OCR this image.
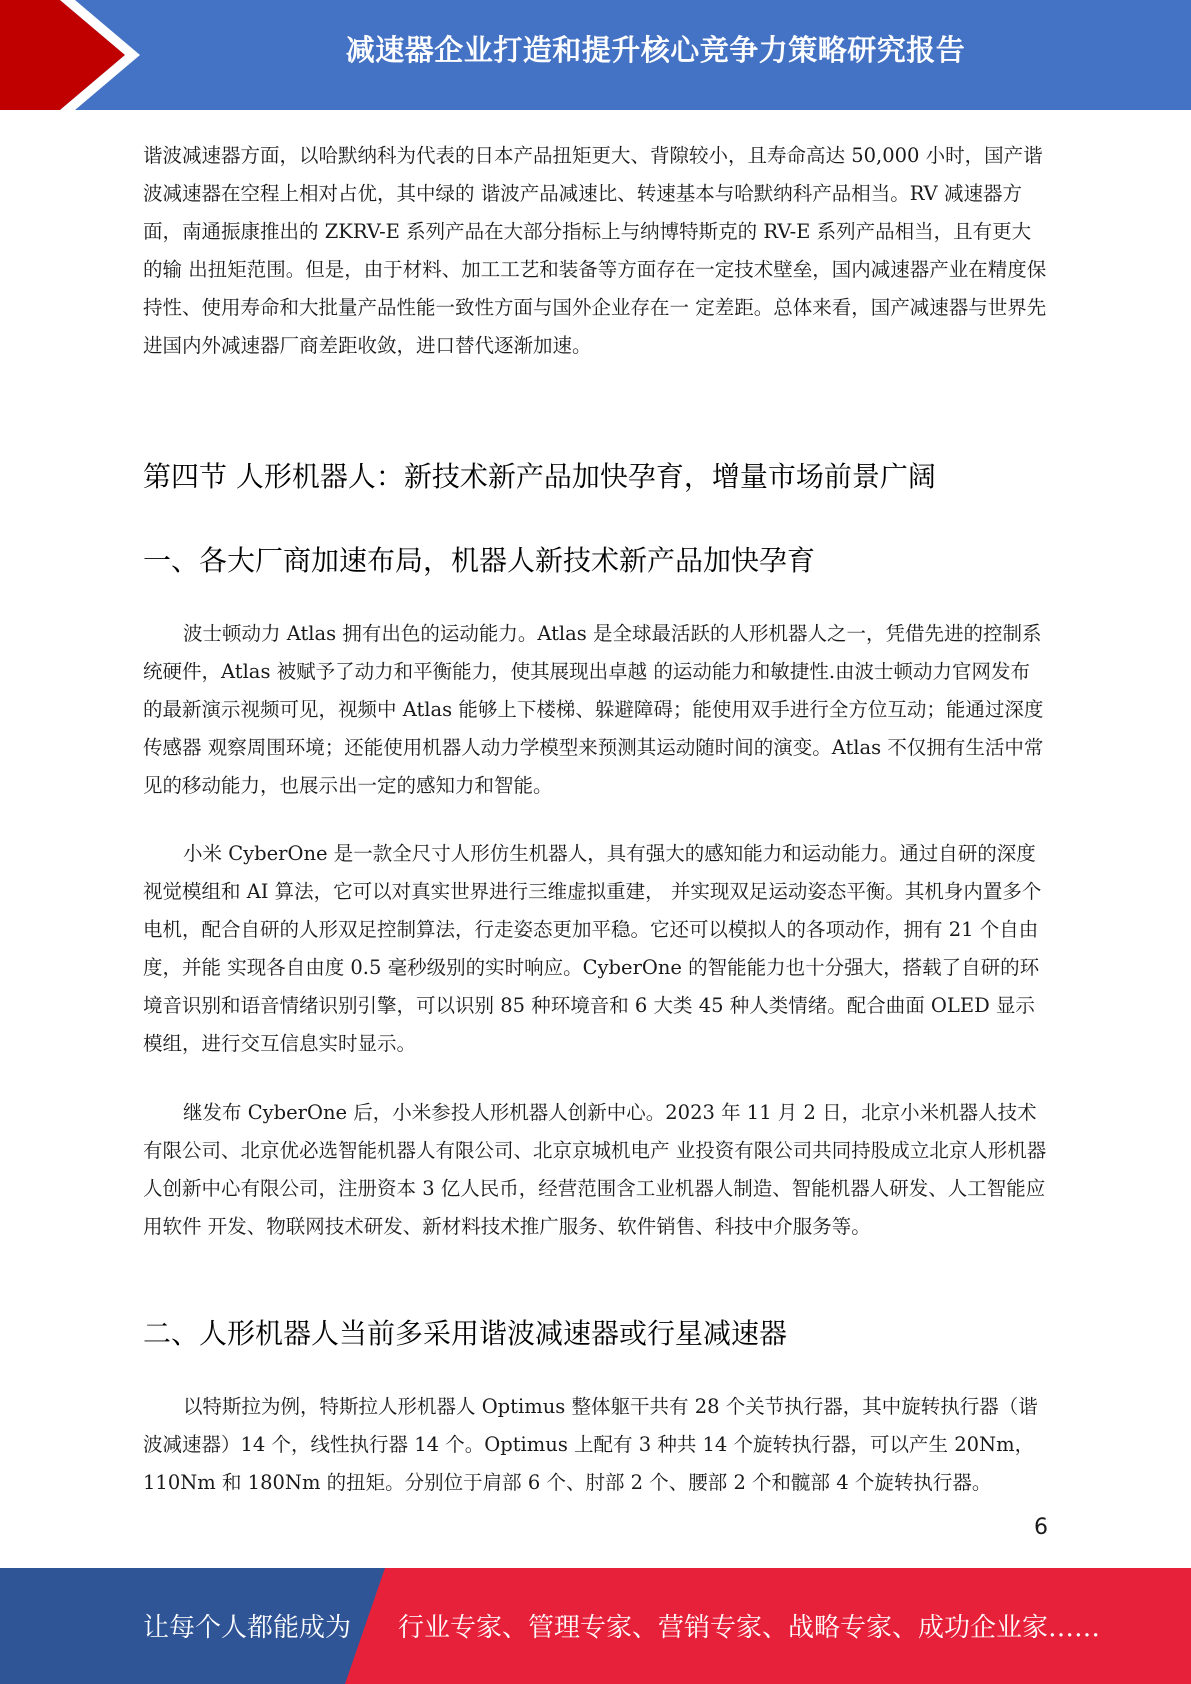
减速器企业打造和提升核心竞争力策略研究报告

谐波减速器方面，以哈默纳科为代表的日本产品扭矩更大、背隙较小，且寿命高达 50,000 小时，国产谐波减速器在空程上相对占优，其中绿的 谐波产品减速比、转速基本与哈默纳科产品相当。RV 减速器方面，南通振康推出的 ZKRV-E 系列产品在大部分指标上与纳博特斯克的 RV-E 系列产品相当，且有更大的输 出扭矩范围。但是，由于材料、加工工艺和装备等方面存在一定技术壁垒，国内减速器产业在精度保持性、使用寿命和大批量产品性能一致性方面与国外企业存在一 定差距。总体来看，国产减速器与世界先进国内外减速器厂商差距收敛，进口替代逐渐加速。

第四节 人形机器人：新技术新产品加快孕育，增量市场前景广阔
一、各大厂商加速布局，机器人新技术新产品加快孕育

波士顿动力 Atlas 拥有出色的运动能力。Atlas 是全球最活跃的人形机器人之一，凭借先进的控制系统硬件，Atlas 被赋予了动力和平衡能力，使其展现出卓越 的运动能力和敏捷性.由波士顿动力官网发布的最新演示视频可见，视频中 Atlas 能够上下楼梯、躲避障碍；能使用双手进行全方位互动；能通过深度传感器 观察周围环境；还能使用机器人动力学模型来预测其运动随时间的演变。Atlas 不仅拥有生活中常见的移动能力，也展示出一定的感知力和智能。

小米 CyberOne 是一款全尺寸人形仿生机器人，具有强大的感知能力和运动能力。通过自研的深度视觉模组和 AI 算法，它可以对真实世界进行三维虚拟重建， 并实现双足运动姿态平衡。其机身内置多个电机，配合自研的人形双足控制算法，行走姿态更加平稳。它还可以模拟人的各项动作，拥有 21 个自由度，并能 实现各自由度 0.5 毫秒级别的实时响应。CyberOne 的智能能力也十分强大，搭载了自研的环境音识别和语音情绪识别引擎，可以识别 85 种环境音和 6 大类 45 种人类情绪。配合曲面 OLED 显示模组，进行交互信息实时显示。

继发布 CyberOne 后，小米参投人形机器人创新中心。2023 年 11 月 2 日，北京小米机器人技术有限公司、北京优必选智能机器人有限公司、北京京城机电产 业投资有限公司共同持股成立北京人形机器人创新中心有限公司，注册资本 3 亿人民币，经营范围含工业机器人制造、智能机器人研发、人工智能应用软件 开发、物联网技术研发、新材料技术推广服务、软件销售、科技中介服务等。

二、人形机器人当前多采用谐波减速器或行星减速器

以特斯拉为例，特斯拉人形机器人 Optimus 整体躯干共有 28 个关节执行器，其中旋转执行器（谐波减速器）14 个，线性执行器 14 个。Optimus 上配有 3 种共 14 个旋转执行器，可以产生 20Nm，110Nm 和 180Nm 的扭矩。分别位于肩部 6 个、肘部 2 个、腰部 2 个和髋部 4 个旋转执行器。

6
让每个人都能成为 行业专家、管理专家、营销专家、战略专家、成功企业家……
